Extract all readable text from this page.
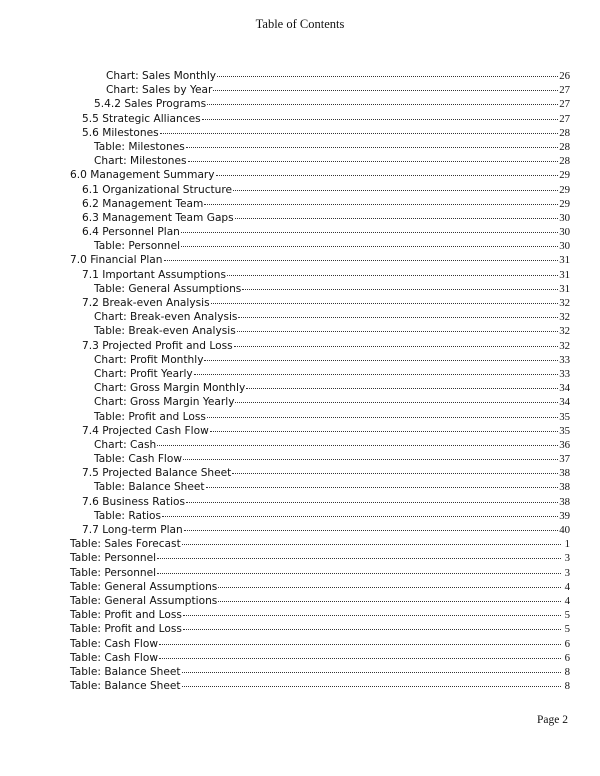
Table of Contents
Chart: Sales Monthly	26
Chart: Sales by Year	27
5.4.2 Sales Programs	27
5.5 Strategic Alliances	27
5.6 Milestones	28
Table: Milestones	28
Chart: Milestones	28
6.0 Management Summary	29
6.1 Organizational Structure	29
6.2 Management Team	29
6.3 Management Team Gaps	30
6.4 Personnel Plan	30
Table: Personnel	30
7.0 Financial Plan	31
7.1 Important Assumptions	31
Table: General Assumptions	31
7.2 Break-even Analysis	32
Chart: Break-even Analysis	32
Table: Break-even Analysis	32
7.3 Projected Profit and Loss	32
Chart: Profit Monthly	33
Chart: Profit Yearly	33
Chart: Gross Margin Monthly	34
Chart: Gross Margin Yearly	34
Table: Profit and Loss	35
7.4 Projected Cash Flow	35
Chart: Cash	36
Table: Cash Flow	37
7.5 Projected Balance Sheet	38
Table: Balance Sheet	38
7.6 Business Ratios	38
Table: Ratios	39
7.7 Long-term Plan	40
Table: Sales Forecast	1
Table: Personnel	3
Table: Personnel	3
Table: General Assumptions	4
Table: General Assumptions	4
Table: Profit and Loss	5
Table: Profit and Loss	5
Table: Cash Flow	6
Table: Cash Flow	6
Table: Balance Sheet	8
Table: Balance Sheet	8
Page 2
